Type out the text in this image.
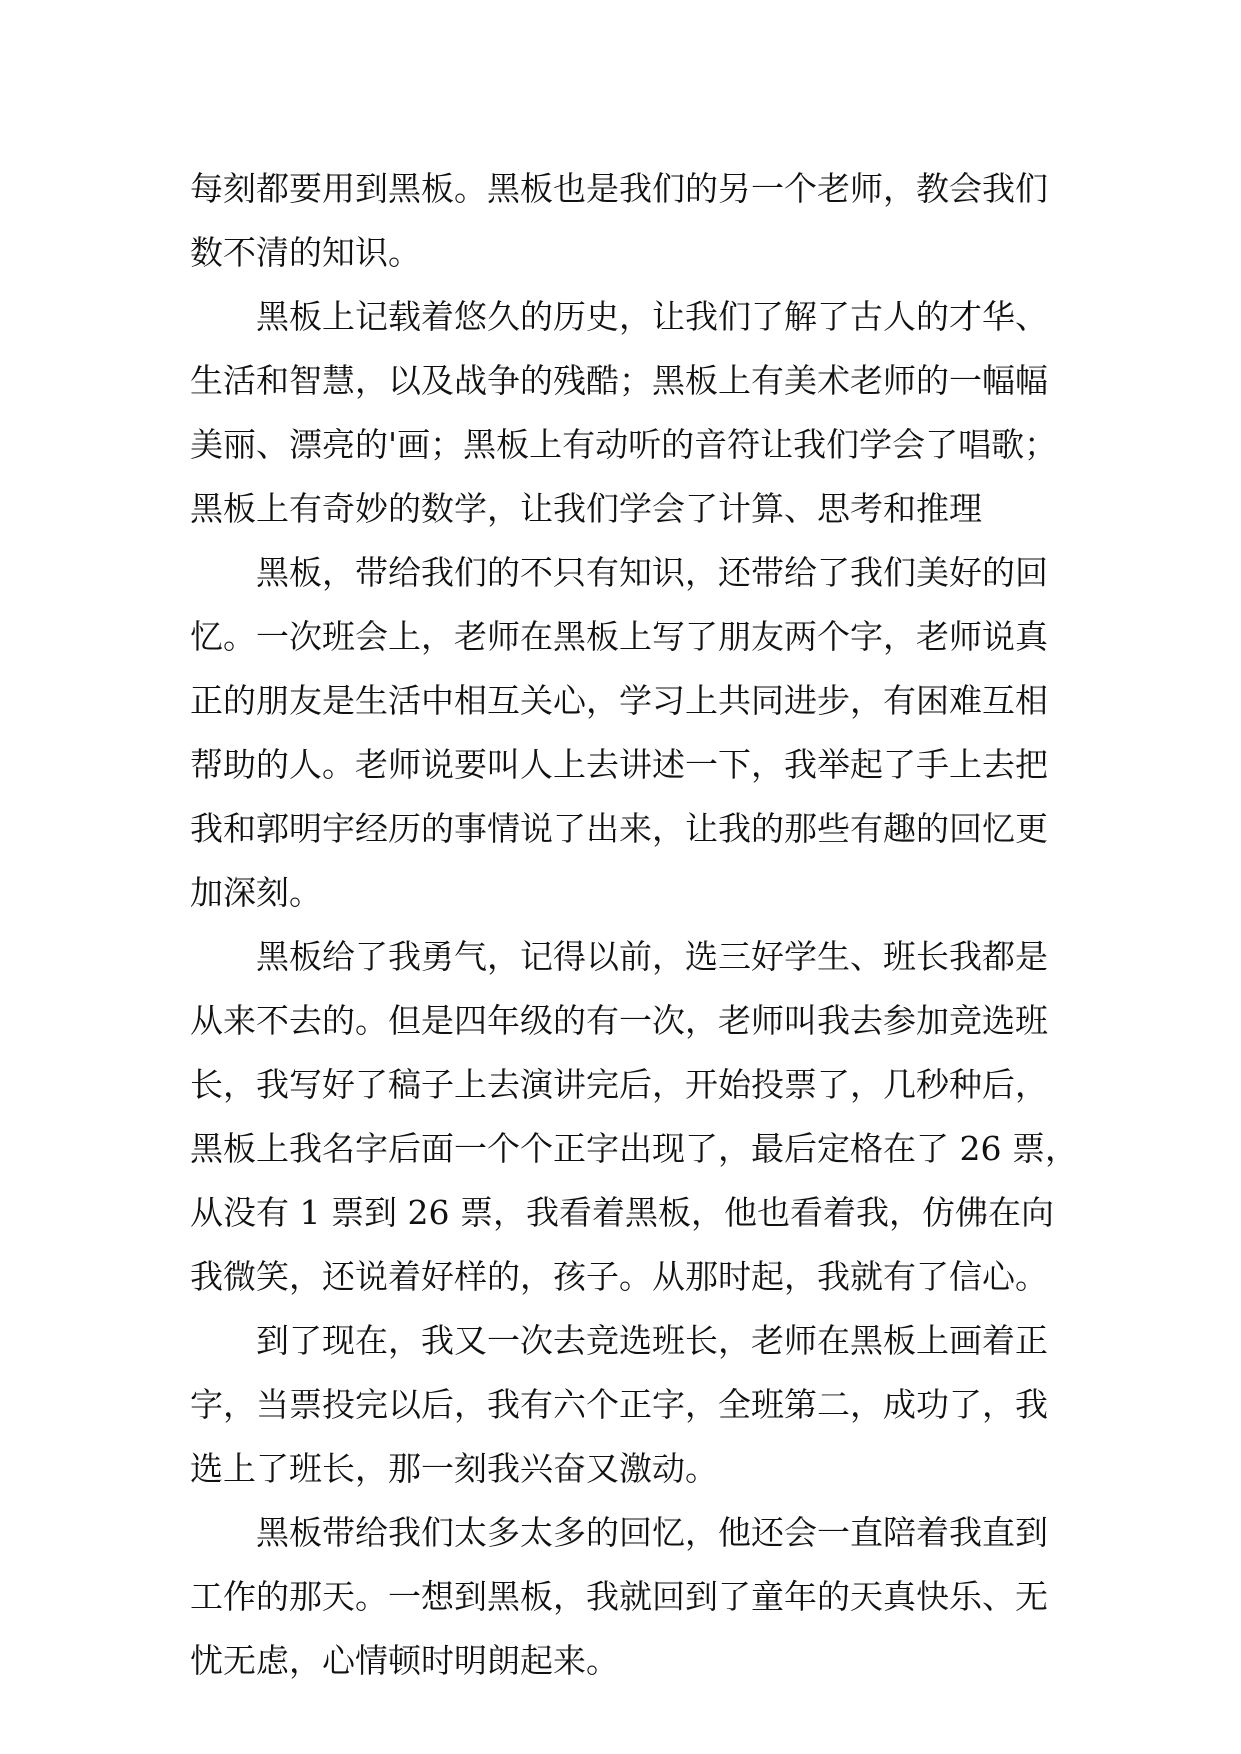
每刻都要用到黑板。黑板也是我们的另一个老师，教会我们

数不清的知识。

黑板上记载着悠久的历史，让我们了解了古人的才华、

生活和智慧，以及战争的残酷；黑板上有美术老师的一幅幅

美丽、漂亮的'画；黑板上有动听的音符让我们学会了唱歌；

黑板上有奇妙的数学，让我们学会了计算、思考和推理

黑板，带给我们的不只有知识，还带给了我们美好的回

忆。一次班会上，老师在黑板上写了朋友两个字，老师说真

正的朋友是生活中相互关心，学习上共同进步，有困难互相

帮助的人。老师说要叫人上去讲述一下，我举起了手上去把

我和郭明宇经历的事情说了出来，让我的那些有趣的回忆更

加深刻。

黑板给了我勇气，记得以前，选三好学生、班长我都是

从来不去的。但是四年级的有一次，老师叫我去参加竞选班

长，我写好了稿子上去演讲完后，开始投票了，几秒种后，

黑板上我名字后面一个个正字出现了，最后定格在了 26 票，

从没有 1 票到 26 票，我看着黑板，他也看着我，仿佛在向

我微笑，还说着好样的，孩子。从那时起，我就有了信心。

到了现在，我又一次去竞选班长，老师在黑板上画着正

字，当票投完以后，我有六个正字，全班第二，成功了，我

选上了班长，那一刻我兴奋又激动。

黑板带给我们太多太多的回忆，他还会一直陪着我直到

工作的那天。一想到黑板，我就回到了童年的天真快乐、无

忧无虑，心情顿时明朗起来。
